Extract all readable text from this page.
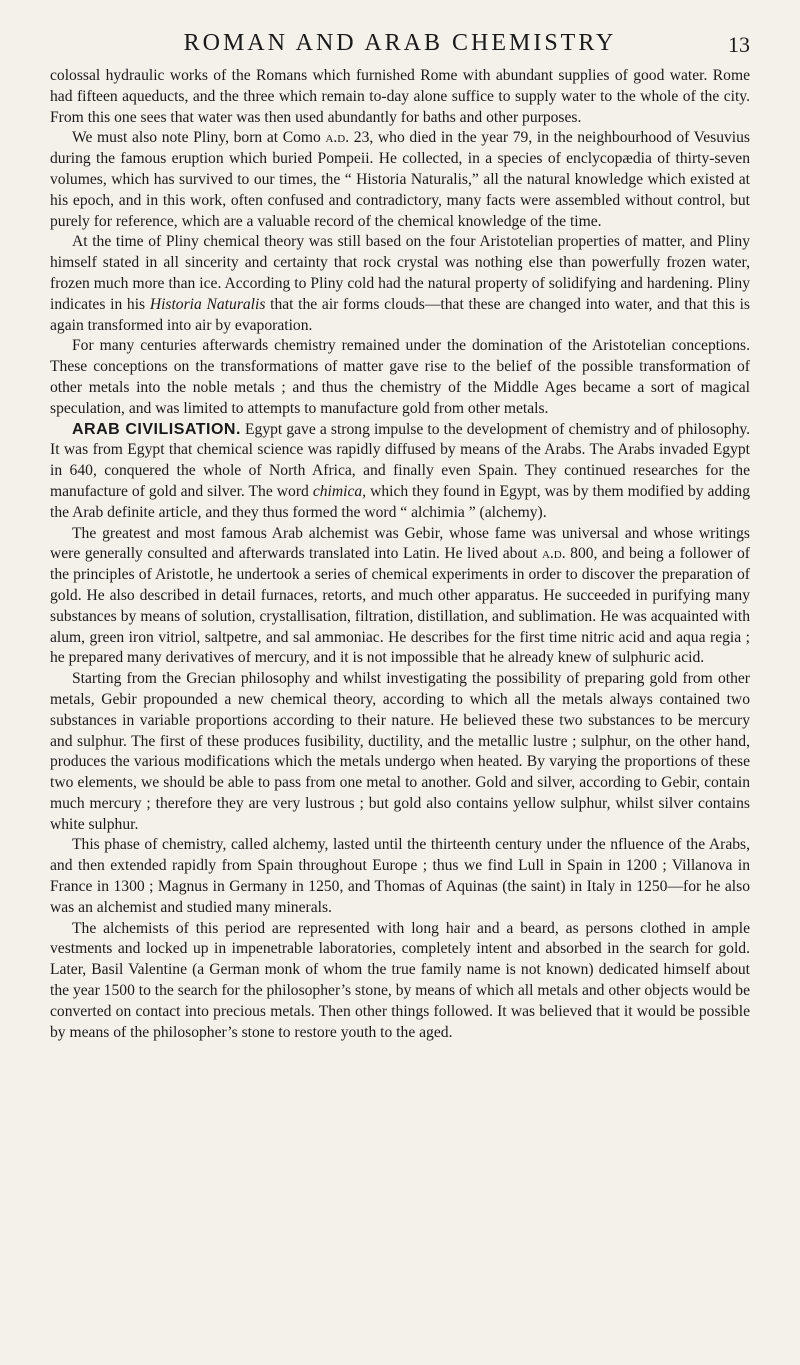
ROMAN AND ARAB CHEMISTRY	13

colossal hydraulic works of the Romans which furnished Rome with abundant supplies of good water. Rome had fifteen aqueducts, and the three which remain to-day alone suffice to supply water to the whole of the city. From this one sees that water was then used abundantly for baths and other purposes.

We must also note Pliny, born at Como a.d. 23, who died in the year 79, in the neighbourhood of Vesuvius during the famous eruption which buried Pompeii. He collected, in a species of enclycopædia of thirty-seven volumes, which has survived to our times, the “ Historia Naturalis,” all the natural knowledge which existed at his epoch, and in this work, often confused and contradictory, many facts were assembled without control, but purely for reference, which are a valuable record of the chemical knowledge of the time.

At the time of Pliny chemical theory was still based on the four Aristotelian properties of matter, and Pliny himself stated in all sincerity and certainty that rock crystal was nothing else than powerfully frozen water, frozen much more than ice. According to Pliny cold had the natural property of solidifying and hardening. Pliny indicates in his Historia Naturalis that the air forms clouds—that these are changed into water, and that this is again transformed into air by evaporation.

For many centuries afterwards chemistry remained under the domination of the Aristotelian conceptions. These conceptions on the transformations of matter gave rise to the belief of the possible transformation of other metals into the noble metals ; and thus the chemistry of the Middle Ages became a sort of magical speculation, and was limited to attempts to manufacture gold from other metals.

ARAB CIVILISATION. Egypt gave a strong impulse to the development of chemistry and of philosophy. It was from Egypt that chemical science was rapidly diffused by means of the Arabs. The Arabs invaded Egypt in 640, conquered the whole of North Africa, and finally even Spain. They continued researches for the manufacture of gold and silver. The word chimica, which they found in Egypt, was by them modified by adding the Arab definite article, and they thus formed the word “ alchimia ” (alchemy).

The greatest and most famous Arab alchemist was Gebir, whose fame was universal and whose writings were generally consulted and afterwards translated into Latin. He lived about a.d. 800, and being a follower of the principles of Aristotle, he undertook a series of chemical experiments in order to discover the preparation of gold. He also described in detail furnaces, retorts, and much other apparatus. He succeeded in purifying many substances by means of solution, crystallisation, filtration, distillation, and sublimation. He was acquainted with alum, green iron vitriol, saltpetre, and sal ammoniac. He describes for the first time nitric acid and aqua regia ; he prepared many derivatives of mercury, and it is not impossible that he already knew of sulphuric acid.

Starting from the Grecian philosophy and whilst investigating the possibility of preparing gold from other metals, Gebir propounded a new chemical theory, according to which all the metals always contained two substances in variable proportions according to their nature. He believed these two substances to be mercury and sulphur. The first of these produces fusibility, ductility, and the metallic lustre ; sulphur, on the other hand, produces the various modifications which the metals undergo when heated. By varying the proportions of these two elements, we should be able to pass from one metal to another. Gold and silver, according to Gebir, contain much mercury ; therefore they are very lustrous ; but gold also contains yellow sulphur, whilst silver contains white sulphur.

This phase of chemistry, called alchemy, lasted until the thirteenth century under the nfluence of the Arabs, and then extended rapidly from Spain throughout Europe ; thus we find Lull in Spain in 1200 ; Villanova in France in 1300 ; Magnus in Germany in 1250, and Thomas of Aquinas (the saint) in Italy in 1250—for he also was an alchemist and studied many minerals.

The alchemists of this period are represented with long hair and a beard, as persons clothed in ample vestments and locked up in impenetrable laboratories, completely intent and absorbed in the search for gold. Later, Basil Valentine (a German monk of whom the true family name is not known) dedicated himself about the year 1500 to the search for the philosopher’s stone, by means of which all metals and other objects would be converted on contact into precious metals. Then other things followed. It was believed that it would be possible by means of the philosopher’s stone to restore youth to the aged.
